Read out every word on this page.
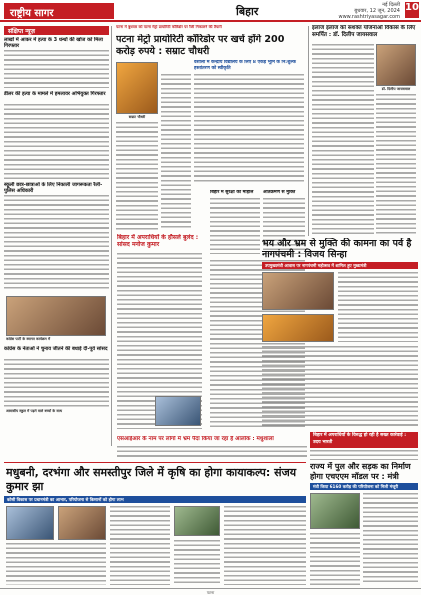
राष्ट्रीय सागर	बिहार	नई दिल्ली
बुधवार, 12 जून, 2024
www.rashtriyasagar.com
10
संक्षिप्त न्यूज़
लाखों में आकर में हत्या के 3 धन्धोे की खोज को मिला गिरफ्तार
डीलर की हत्या के मामले में हमलावर अभियुक्त गिरफ्तार
स्कूली छात्र-छात्राओं के लिए निकाली जागरूकता रैली-पुलिस अधिकारी
कांग्रेस पार्टी के स्वागत कार्यक्रम में
कांग्रेस के नेताओं ने चुनाव जीतने की बधाई दी-पूर्व सांसद
आवासीय स्कूल में पढ़ने वाले बच्चों के साथ
पटना में बुधवार को पटना मेट्रो प्रायोरिटी कॉरिडोर पर रैली निकालने की तैयारी
पटना मेट्रो प्रायोरिटी कॉरिडोर पर खर्च होंगे 200 करोड़ रुपये : सम्राट चौधरी
सम्राट चौधरी
वैशाली में केन्द्रीय विद्यालय के लिए 8 एकड़ भूमि के नि:शुल्क हस्तांतरण को स्वीकृति
बिहार में अपराधियों के हौसले बुलंद : सांसद मनोज कुमार
बिहार में सुरक्षा का माहौल	अतिक्रमण से मुक्ति
एसआईआर के नाम पर लोगों में भ्रम पैदा किया जा रहा है आलोक : मधुशाला
इलाज इलाज को सशक्त योजनाओं विकास के लिए समर्पित : डॉ. दिलीप जायसवाल
डॉ. दिलीप जायसवाल
भय और भ्रम से मुक्ति की कामना का पर्व है नागपंचमी : विजय सिन्हा
उपमुख्यमंत्री आवास पर नागपंचमी महोत्सव में शामिल हुए मुख्यमंत्री
बिहार में अपराधियों के विरुद्ध हो रही है सख्त कार्रवाई : उदय भारती
राज्य में पुल और सड़क का निर्माण होगा एचएएम मॉडल पर : मंत्री
मंत्री किया 6160 करोड़ की परियोजना को मिली मंजूरी
मधुबनी, दरभंगा और समस्तीपुर जिले में कृषि का होगा कायाकल्प: संजय कुमार झा
कोसी विकास पर प्रधानमंत्री का आभार, परियोजना से किसानों को होगा लाभ
पटना
